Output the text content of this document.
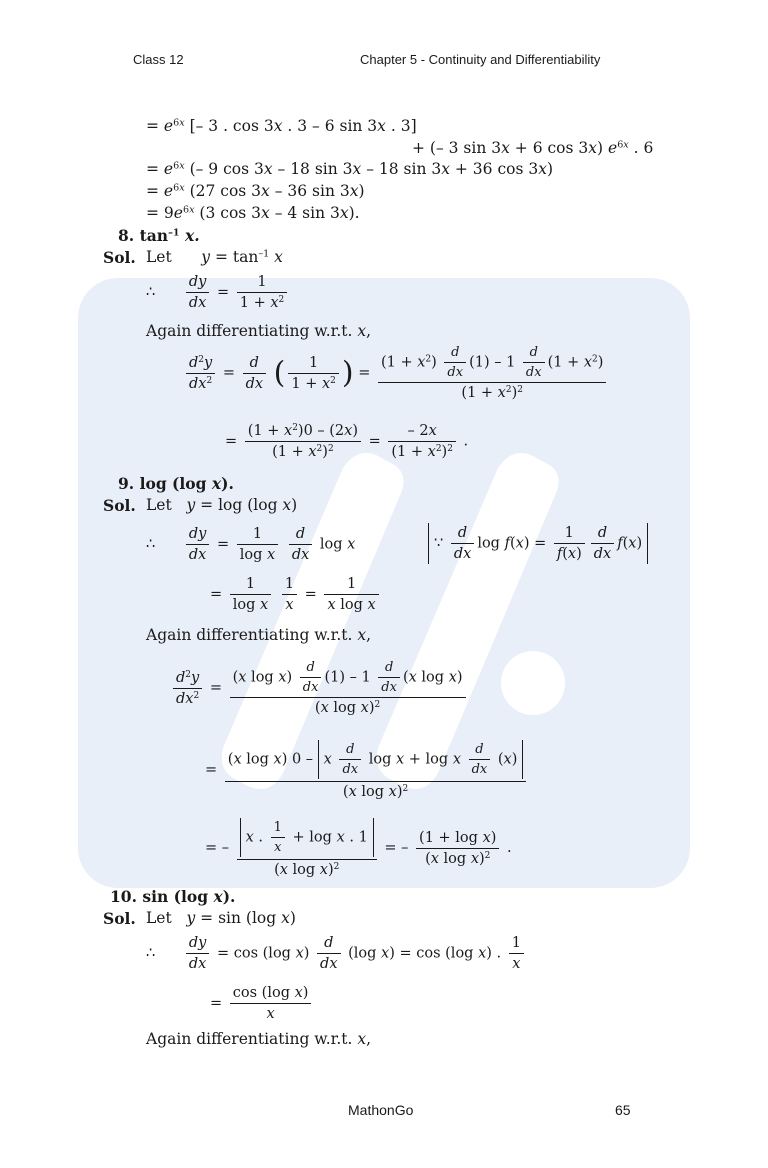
Class 12	Chapter 5 - Continuity and Differentiability
= $e^{6x}$ [– 3 . cos 3x . 3 – 6 sin 3x . 3]
+ (– 3 sin 3x + 6 cos 3x) $e^{6x}$ . 6
= $e^{6x}$ (– 9 cos 3x – 18 sin 3x – 18 sin 3x + 36 cos 3x)
= $e^{6x}$ (27 cos 3x – 36 sin 3x)
= $9e^{6x}$ (3 cos 3x – 4 sin 3x).
8. $\tan^{-1} x$.
Sol. Let $y = \tan^{-1} x$
∴ $\frac{dy}{dx} = \frac{1}{1 + x^2}$
Again differentiating w.r.t. x,
$\frac{d^2y}{dx^2} = \frac{d}{dx}$ ( $\frac{1}{1 + x^2}$ ) =
$(1 + x^2) \frac{d}{dx} (1) - 1 \frac{d}{dx} (1 + x^2)$
$(1 + x^2)^2$
= $\frac{(1 + x^2)0 - (2x)}{(1 + x^2)^2} = \frac{- 2x}{(1 + x^2)^2}$ .
9. log (log x).
Sol. Let y = log (log x)
∴ $\frac{dy}{dx} = \frac{1}{\text{log x}}$
$\frac{d}{dx}$ log x	∵ $\frac{d}{dx}$ $\log f(x) = \frac{1}{f(x)} \frac{d}{dx} f(x)$
= $\frac{1}{\text{log x}}$
$\frac{1}{x} = \frac{1}{\text{x log x}}$
Again differentiating w.r.t. x,
$\frac{d^2y}{dx^2}$ =
(x $\log x) \frac{d}{dx} (1) - 1 \frac{d}{dx} (x$ log x)
(x log x)$^2$
=
(x log x) 0 – x $\frac{d}{dx}$ log x + log x $\frac{d}{dx} (x)$
(x log x)$^2$
= – $\frac{x . \frac{1}{x} + \log x . 1}{(x \log x)^2}$ = – $\frac{\text{(1 + log x)}}{(x \log x)^2}$ .
10. sin (log x).
Sol. Let y = sin (log x)
∴ $\frac{dy}{dx} = \cos (\log$ $x) \frac{d}{dx} (\log$ x) = cos (log x) . $\frac{1}{x}$
= $\frac{\text{cos (log x)}}{x}$
Again differentiating w.r.t. x,
MathonGo	65
